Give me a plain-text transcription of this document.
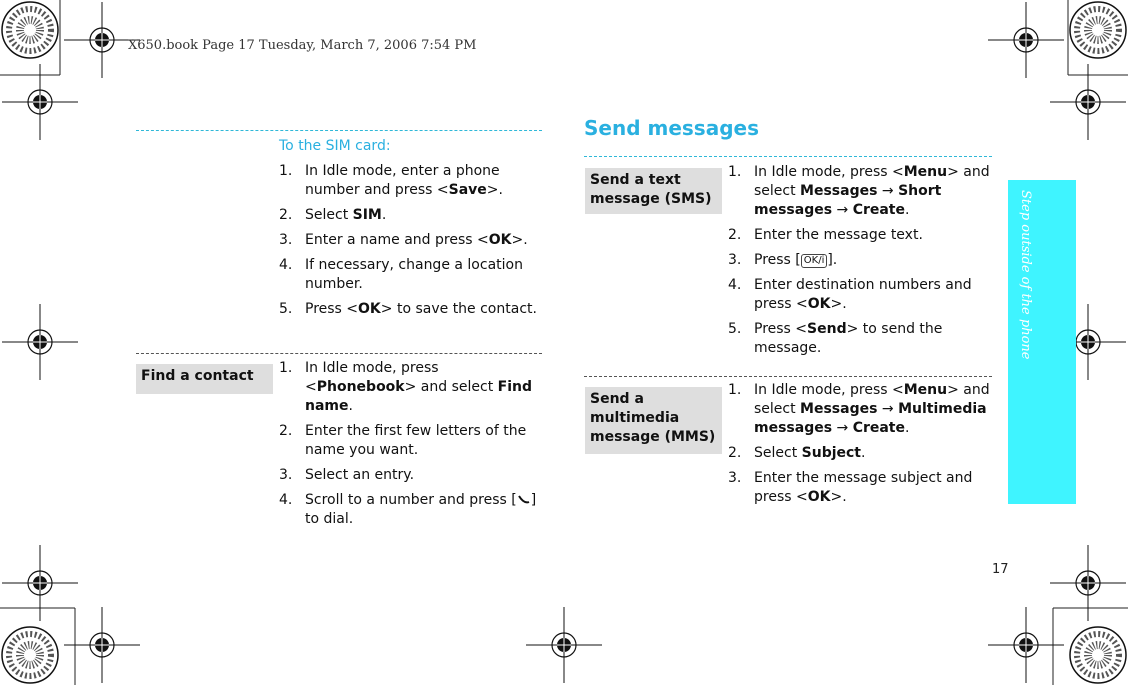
X650.book Page 17 Tuesday, March 7, 2006 7:54 PM
Step outside of the phone
17
To the SIM card:
1. In Idle mode, enter a phone number and press <Save>.
2. Select SIM.
3. Enter a name and press <OK>.
4. If necessary, change a location number.
5. Press <OK> to save the contact.
Find a contact	1. In Idle mode, press <Phonebook> and select Find name.
2. Enter the first few letters of the name you want.
3. Select an entry.
4. Scroll to a number and press [ ] to dial.
Send messages
Send a text message (SMS)
1. In Idle mode, press <Menu> and select Messages → Short messages → Create.
2. Enter the message text.
3. Press [ OK/i ].
4. Enter destination numbers and press <OK>.
5. Press <Send> to send the message.
Send a multimedia message (MMS)
1. In Idle mode, press <Menu> and select Messages → Multimedia messages → Create.
2. Select Subject.
3. Enter the message subject and press <OK>.
